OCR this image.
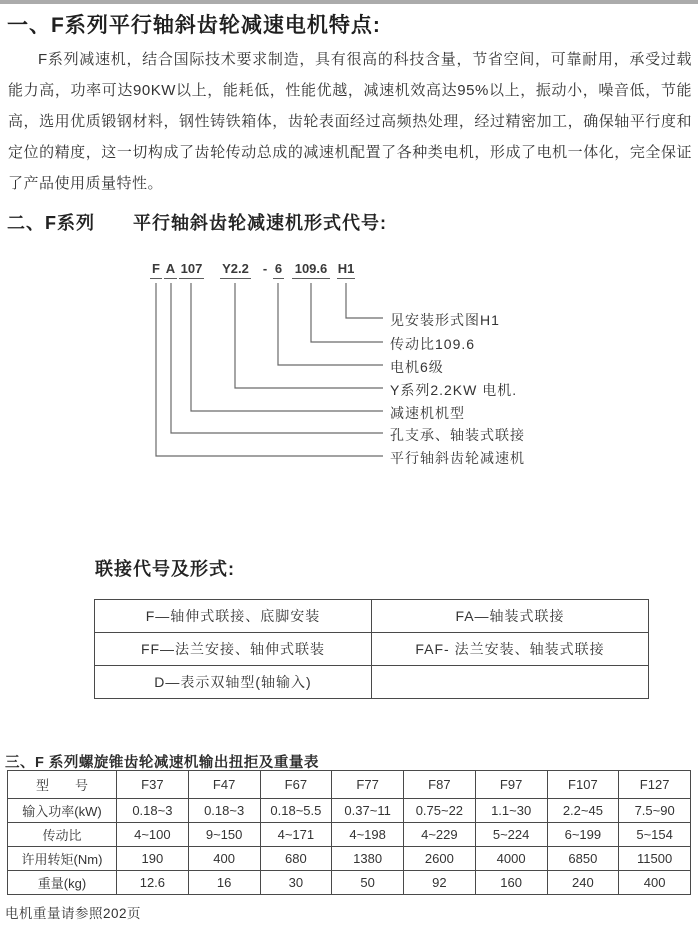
一、F系列平行轴斜齿轮减速电机特点:
F系列减速机，结合国际技术要求制造，具有很高的科技含量，节省空间，可靠耐用，承受过载能力高，功率可达90KW以上，能耗低，性能优越，减速机效高达95%以上，振动小，噪音低，节能高，选用优质锻钢材料，钢性铸铁箱体，齿轮表面经过高频热处理，经过精密加工，确保轴平行度和定位的精度，这一切构成了齿轮传动总成的减速机配置了各种类电机，形成了电机一体化，完全保证了产品使用质量特性。
二、F系列　　平行轴斜齿轮减速机形式代号:
F A 107 Y2.2 - 6 109.6 H1
见安装形式图H1
传动比109.6
电机6级
Y系列2.2KW 电机.
减速机机型
孔支承、轴装式联接
平行轴斜齿轮减速机
联接代号及形式:
F—轴伸式联接、底脚安装	FA—轴装式联接
FF—法兰安接、轴伸式联装	FAF- 法兰安装、轴装式联接
D—表示双轴型(轴输入)	
三、F 系列螺旋锥齿轮减速机输出扭拒及重量表
型　　号	F37	F47	F67	F77	F87	F97	F107	F127
输入功率(kW)	0.18~3	0.18~3	0.18~5.5	0.37~11	0.75~22	1.1~30	2.2~45	7.5~90
传动比	4~100	9~150	4~171	4~198	4~229	5~224	6~199	5~154
许用转矩(Nm)	190	400	680	1380	2600	4000	6850	11500
重量(kg)	12.6	16	30	50	92	160	240	400
电机重量请参照202页
